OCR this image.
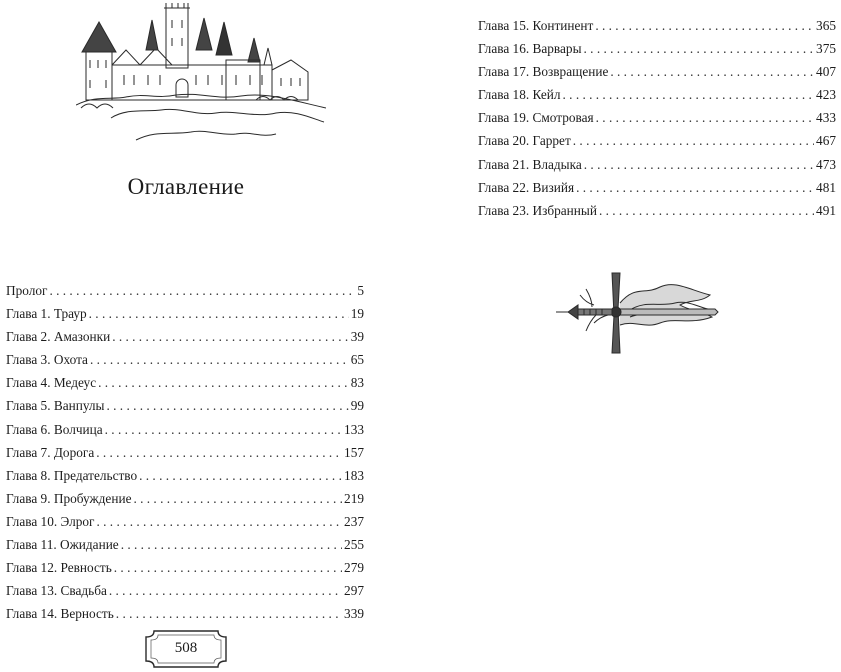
Оглавление
Пролог . . .	5
Глава 1. Траур . . .	19
Глава 2. Амазонки . . .	39
Глава 3. Охота . . .	65
Глава 4. Медеус . . .	83
Глава 5. Ванпулы . . .	99
Глава 6. Волчица . . .	133
Глава 7. Дорога . . .	157
Глава 8. Предательство . . .	183
Глава 9. Пробуждение . . .	219
Глава 10. Элрог . . .	237
Глава 11. Ожидание . . .	255
Глава 12. Ревность . . .	279
Глава 13. Свадьба . . .	297
Глава 14. Верность . . .	339
Глава 15. Континент . . .	365
Глава 16. Варвары . . .	375
Глава 17. Возвращение . . .	407
Глава 18. Кейл . . .	423
Глава 19. Смотровая . . .	433
Глава 20. Гаррет . . .	467
Глава 21. Владыка . . .	473
Глава 22. Визийя . . .	481
Глава 23. Избранный . . .	491
508
